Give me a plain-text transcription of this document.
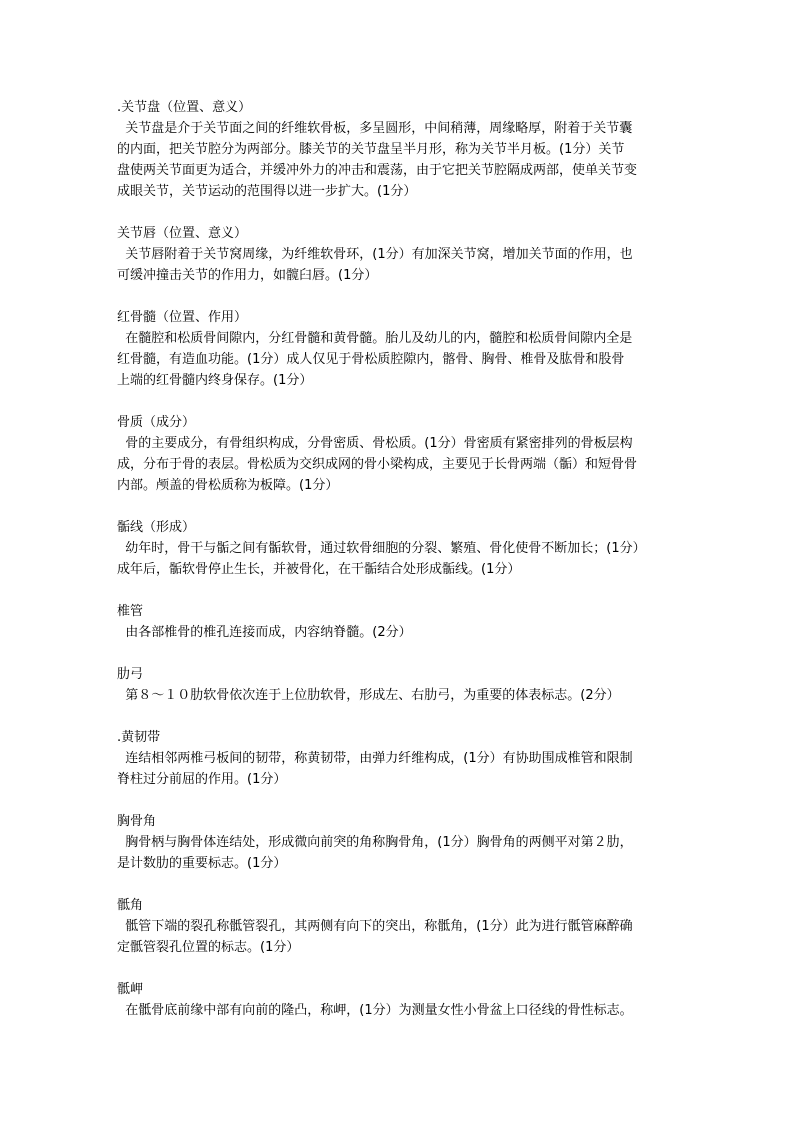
.关节盘（位置、意义）
关节盘是介于关节面之间的纤维软骨板，多呈圆形，中间稍薄，周缘略厚，附着于关节囊
的内面，把关节腔分为两部分。膝关节的关节盘呈半月形，称为关节半月板。(1分）关节
盘使两关节面更为适合，并缓冲外力的冲击和震荡，由于它把关节腔隔成两部，使单关节变
成眼关节，关节运动的范围得以进一步扩大。(1分）
关节唇（位置、意义）
关节唇附着于关节窝周缘，为纤维软骨环，(1分）有加深关节窝，增加关节面的作用，也
可缓冲撞击关节的作用力，如髋臼唇。(1分）
红骨髓（位置、作用）
在髓腔和松质骨间隙内，分红骨髓和黄骨髓。胎儿及幼儿的内，髓腔和松质骨间隙内全是
红骨髓，有造血功能。(1分）成人仅见于骨松质腔隙内，髂骨、胸骨、椎骨及肱骨和股骨
上端的红骨髓内终身保存。(1分）
骨质（成分）
骨的主要成分，有骨组织构成，分骨密质、骨松质。(1分）骨密质有紧密排列的骨板层构
成，分布于骨的表层。骨松质为交织成网的骨小梁构成，主要见于长骨两端（骺）和短骨骨
内部。颅盖的骨松质称为板障。(1分）
骺线（形成）
幼年时，骨干与骺之间有骺软骨，通过软骨细胞的分裂、繁殖、骨化使骨不断加长；(1分）
成年后，骺软骨停止生长，并被骨化，在干骺结合处形成骺线。(1分）
椎管
由各部椎骨的椎孔连接而成，内容纳脊髓。(2分）
肋弓
第８～１０肋软骨依次连于上位肋软骨，形成左、右肋弓，为重要的体表标志。(2分）
.黄韧带
连结相邻两椎弓板间的韧带，称黄韧带，由弹力纤维构成，(1分）有协助围成椎管和限制
脊柱过分前屈的作用。(1分）
胸骨角
胸骨柄与胸骨体连结处，形成微向前突的角称胸骨角，(1分）胸骨角的两侧平对第２肋，
是计数肋的重要标志。(1分）
骶角
骶管下端的裂孔称骶管裂孔，其两侧有向下的突出，称骶角，(1分）此为进行骶管麻醉确
定骶管裂孔位置的标志。(1分）
骶岬
在骶骨底前缘中部有向前的隆凸，称岬，(1分）为测量女性小骨盆上口径线的骨性标志。
